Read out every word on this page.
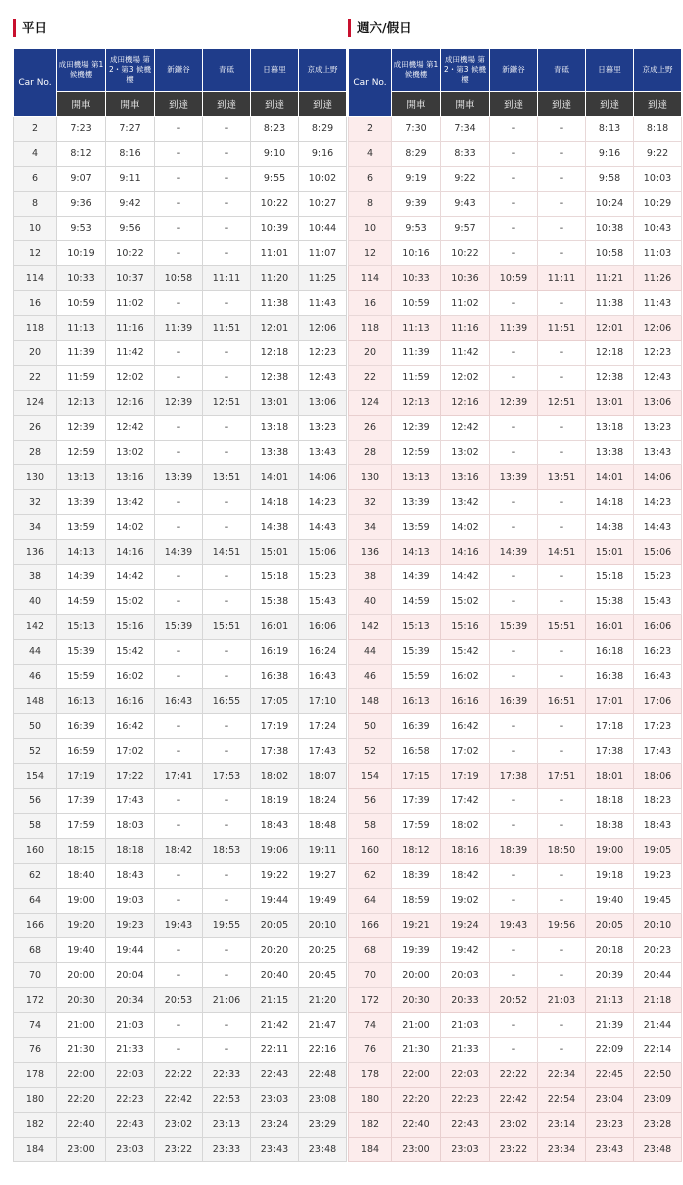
平日
Car No.	成田機場 第1候機樓	成田機場 第2・第3 候機樓	新鎌谷	青砥	日暮里	京成上野
	開車	開車	到達	到達	到達	到達
2	7:23	7:27	-	-	8:23	8:29
4	8:12	8:16	-	-	9:10	9:16
6	9:07	9:11	-	-	9:55	10:02
8	9:36	9:42	-	-	10:22	10:27
10	9:53	9:56	-	-	10:39	10:44
12	10:19	10:22	-	-	11:01	11:07
114	10:33	10:37	10:58	11:11	11:20	11:25
16	10:59	11:02	-	-	11:38	11:43
118	11:13	11:16	11:39	11:51	12:01	12:06
20	11:39	11:42	-	-	12:18	12:23
22	11:59	12:02	-	-	12:38	12:43
124	12:13	12:16	12:39	12:51	13:01	13:06
26	12:39	12:42	-	-	13:18	13:23
28	12:59	13:02	-	-	13:38	13:43
130	13:13	13:16	13:39	13:51	14:01	14:06
32	13:39	13:42	-	-	14:18	14:23
34	13:59	14:02	-	-	14:38	14:43
136	14:13	14:16	14:39	14:51	15:01	15:06
38	14:39	14:42	-	-	15:18	15:23
40	14:59	15:02	-	-	15:38	15:43
142	15:13	15:16	15:39	15:51	16:01	16:06
44	15:39	15:42	-	-	16:19	16:24
46	15:59	16:02	-	-	16:38	16:43
148	16:13	16:16	16:43	16:55	17:05	17:10
50	16:39	16:42	-	-	17:19	17:24
52	16:59	17:02	-	-	17:38	17:43
154	17:19	17:22	17:41	17:53	18:02	18:07
56	17:39	17:43	-	-	18:19	18:24
58	17:59	18:03	-	-	18:43	18:48
160	18:15	18:18	18:42	18:53	19:06	19:11
62	18:40	18:43	-	-	19:22	19:27
64	19:00	19:03	-	-	19:44	19:49
166	19:20	19:23	19:43	19:55	20:05	20:10
68	19:40	19:44	-	-	20:20	20:25
70	20:00	20:04	-	-	20:40	20:45
172	20:30	20:34	20:53	21:06	21:15	21:20
74	21:00	21:03	-	-	21:42	21:47
76	21:30	21:33	-	-	22:11	22:16
178	22:00	22:03	22:22	22:33	22:43	22:48
180	22:20	22:23	22:42	22:53	23:03	23:08
182	22:40	22:43	23:02	23:13	23:24	23:29
184	23:00	23:03	23:22	23:33	23:43	23:48
週六/假日
Car No.	成田機場 第1候機樓	成田機場 第2・第3 候機樓	新鎌谷	青砥	日暮里	京成上野
	開車	開車	到達	到達	到達	到達
2	7:30	7:34	-	-	8:13	8:18
4	8:29	8:33	-	-	9:16	9:22
6	9:19	9:22	-	-	9:58	10:03
8	9:39	9:43	-	-	10:24	10:29
10	9:53	9:57	-	-	10:38	10:43
12	10:16	10:22	-	-	10:58	11:03
114	10:33	10:36	10:59	11:11	11:21	11:26
16	10:59	11:02	-	-	11:38	11:43
118	11:13	11:16	11:39	11:51	12:01	12:06
20	11:39	11:42	-	-	12:18	12:23
22	11:59	12:02	-	-	12:38	12:43
124	12:13	12:16	12:39	12:51	13:01	13:06
26	12:39	12:42	-	-	13:18	13:23
28	12:59	13:02	-	-	13:38	13:43
130	13:13	13:16	13:39	13:51	14:01	14:06
32	13:39	13:42	-	-	14:18	14:23
34	13:59	14:02	-	-	14:38	14:43
136	14:13	14:16	14:39	14:51	15:01	15:06
38	14:39	14:42	-	-	15:18	15:23
40	14:59	15:02	-	-	15:38	15:43
142	15:13	15:16	15:39	15:51	16:01	16:06
44	15:39	15:42	-	-	16:18	16:23
46	15:59	16:02	-	-	16:38	16:43
148	16:13	16:16	16:39	16:51	17:01	17:06
50	16:39	16:42	-	-	17:18	17:23
52	16:58	17:02	-	-	17:38	17:43
154	17:15	17:19	17:38	17:51	18:01	18:06
56	17:39	17:42	-	-	18:18	18:23
58	17:59	18:02	-	-	18:38	18:43
160	18:12	18:16	18:39	18:50	19:00	19:05
62	18:39	18:42	-	-	19:18	19:23
64	18:59	19:02	-	-	19:40	19:45
166	19:21	19:24	19:43	19:56	20:05	20:10
68	19:39	19:42	-	-	20:18	20:23
70	20:00	20:03	-	-	20:39	20:44
172	20:30	20:33	20:52	21:03	21:13	21:18
74	21:00	21:03	-	-	21:39	21:44
76	21:30	21:33	-	-	22:09	22:14
178	22:00	22:03	22:22	22:34	22:45	22:50
180	22:20	22:23	22:42	22:54	23:04	23:09
182	22:40	22:43	23:02	23:14	23:23	23:28
184	23:00	23:03	23:22	23:34	23:43	23:48
